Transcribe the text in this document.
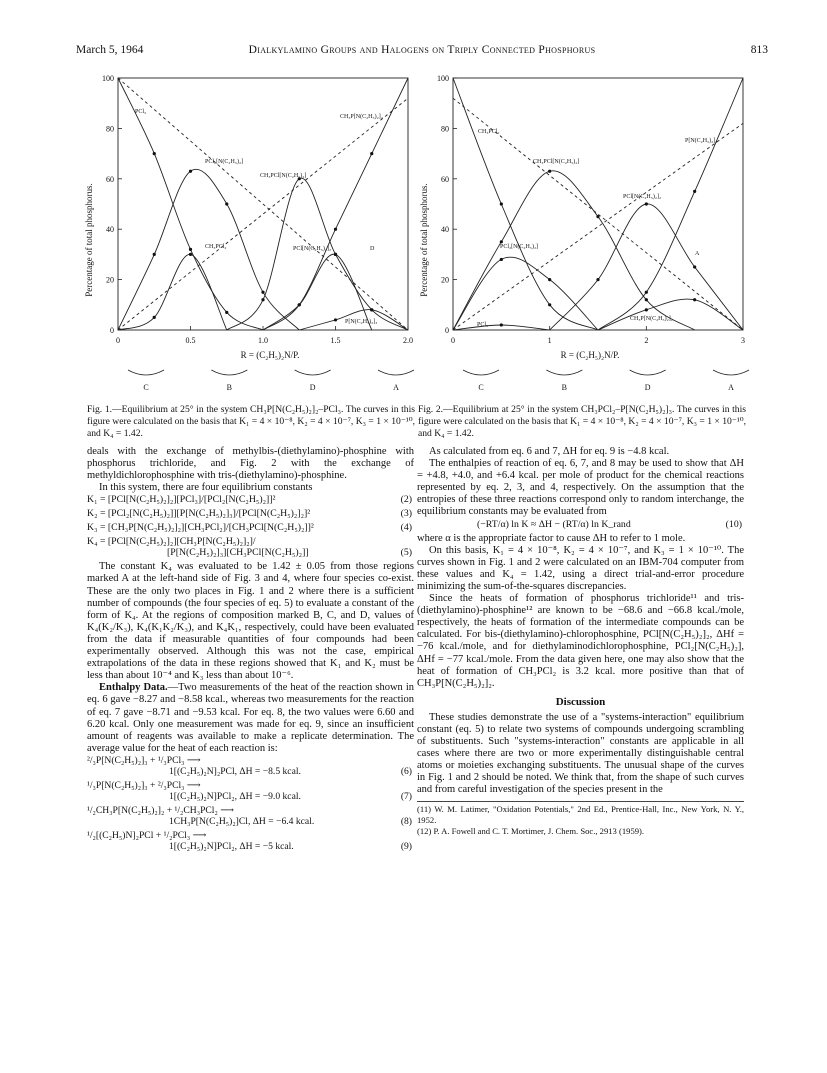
March 5, 1964	Dialkylamino Groups and Halogens on Triply Connected Phosphorus	813
0	0.5	1.0	1.5	2.0
0
20
40
60
80
100
C	B	D	A
Percentage of total phosphorus.
R = (C₂H₅)₂N/P.
PCl₃
CH₃P[N(C₂H₅)₂]₂
PCl₂[N(C₂H₅)₂]
CH₃PCl[N(C₂H₅)₂]
CH₃PCl₂	PCl[N(C₂H₅)₂]₂
P[N(C₂H₅)₂]₃
D
0	1	2	3
0
20
40
60
80
100
C	B	D	A
Percentage of total phosphorus.
R = (C₂H₅)₂N/P.
CH₃PCl₂
P[N(C₂H₅)₂]₃
CH₃PCl[N(C₂H₅)₂]
PCl[N(C₂H₅)₂]₂
PCl₂[N(C₂H₅)₂]
PCl₃
CH₃P[N(C₂H₅)₂]₂
A
Fig. 1.—Equilibrium at 25° in the system CH₃P[N(C₂H₅)₂]₂–PCl₃. The curves in this figure were calculated on the basis that K₁ = 4 × 10⁻⁸, K₂ = 4 × 10⁻⁷, K₃ = 1 × 10⁻¹⁰, and K₄ = 1.42.
Fig. 2.—Equilibrium at 25° in the system CH₃PCl₂–P[N(C₂H₅)₂]₃. The curves in this figure were calculated on the basis that K₁ = 4 × 10⁻⁸, K₂ = 4 × 10⁻⁷, K₃ = 1 × 10⁻¹⁰, and K₄ = 1.42.

deals with the exchange of methylbis-(diethylamino)-phosphine with phosphorus trichloride, and Fig. 2 with the exchange of methyldichlorophosphine with tris-(diethylamino)-phosphine.

In this system, there are four equilibrium constants

K₁ = [PCl[N(C₂H₅)₂]₂][PCl₃]/[PCl₂[N(C₂H₅)₂]]²	(2)
K₂ = [PCl₂[N(C₂H₅)₂]][P[N(C₂H₅)₂]₃]/[PCl[N(C₂H₅)₂]₂]²	(3)
K₃ = [CH₃P[N(C₂H₅)₂]₂][CH₃PCl₂]/[CH₃PCl[N(C₂H₅)₂]]²	(4)
K₄ = [PCl[N(C₂H₅)₂]₂][CH₃P[N(C₂H₅)₂]₂]/
[P[N(C₂H₅)₂]₃][CH₃PCl[N(C₂H₅)₂]]	(5)

The constant K₄ was evaluated to be 1.42 ± 0.05 from those regions marked A at the left-hand side of Fig. 3 and 4, where four species co-exist. These are the only two places in Fig. 1 and 2 where there is a sufficient number of compounds (the four species of eq. 5) to evaluate a constant of the form of K₄. At the regions of composition marked B, C, and D, values of K₄(K₂/K₃), K₄(K₁K₂/K₃), and K₄K₁, respectively, could have been evaluated from the data if measurable quantities of four compounds had been experimentally observed. Although this was not the case, empirical extrapolations of the data in these regions showed that K₁ and K₂ must be less than about 10⁻⁴ and K₃ less than about 10⁻⁶.

Enthalpy Data.—Two measurements of the heat of the reaction shown in eq. 6 gave −8.27 and −8.58 kcal., whereas two measurements for the reaction of eq. 7 gave −8.71 and −9.53 kcal. For eq. 8, the two values were 6.60 and 6.20 kcal. Only one measurement was made for eq. 9, since an insufficient amount of reagents was available to make a replicate determination. The average value for the heat of each reaction is:

²/₃P[N(C₂H₅)₂]₃ + ¹/₃PCl₃ ⟶
1[(C₂H₅)₂N]₂PCl, ΔH = −8.5 kcal.	(6)
¹/₃P[N(C₂H₅)₂]₃ + ²/₃PCl₃ ⟶
1[(C₂H₅)₂N]PCl₂, ΔH = −9.0 kcal.	(7)
¹/₂CH₃P[N(C₂H₅)₂]₂ + ¹/₂CH₃PCl₂ ⟶
1CH₃P[N(C₂H₅)₂]Cl, ΔH = −6.4 kcal.	(8)
¹/₂[(C₂H₅)N]₂PCl + ¹/₂PCl₃ ⟶
1[(C₂H₅)₂N]PCl₂, ΔH = −5 kcal.	(9)

As calculated from eq. 6 and 7, ΔH for eq. 9 is −4.8 kcal.

The enthalpies of reaction of eq. 6, 7, and 8 may be used to show that ΔH = +4.8, +4.0, and +6.4 kcal. per mole of product for the chemical reactions represented by eq. 2, 3, and 4, respectively. On the assumption that the entropies of these three reactions correspond only to random interchange, the equilibrium constants may be evaluated from

(−RT/α) ln K ≈ ΔH − (RT/α) ln K_rand	(10)

where α is the appropriate factor to cause ΔH to refer to 1 mole.

On this basis, K₁ = 4 × 10⁻⁸, K₂ = 4 × 10⁻⁷, and K₃ = 1 × 10⁻¹⁰. The curves shown in Fig. 1 and 2 were calculated on an IBM-704 computer from these values and K₄ = 1.42, using a direct trial-and-error procedure minimizing the sum-of-the-squares discrepancies.

Since the heats of formation of phosphorus trichloride¹¹ and tris-(diethylamino)-phosphine¹² are known to be −68.6 and −66.8 kcal./mole, respectively, the heats of formation of the intermediate compounds can be calculated. For bis-(diethylamino)-chlorophosphine, PCl[N(C₂H₅)₂]₂, ΔHf = −76 kcal./mole, and for diethylaminodichlorophosphine, PCl₂[N(C₂H₅)₂], ΔHf = −77 kcal./mole. From the data given here, one may also show that the heat of formation of CH₃PCl₂ is 3.2 kcal. more positive than that of CH₃P[N(C₂H₅)₂]₂.

Discussion

These studies demonstrate the use of a "systems-interaction" equilibrium constant (eq. 5) to relate two systems of compounds undergoing scrambling of substituents. Such "systems-interaction" constants are applicable in all cases where there are two or more experimentally distinguishable central atoms or moieties exchanging substituents. The unusual shape of the curves in Fig. 1 and 2 should be noted. We think that, from the shape of such curves and from careful investigation of the species present in the

(11) W. M. Latimer, "Oxidation Potentials," 2nd Ed., Prentice-Hall, Inc., New York, N. Y., 1952.

(12) P. A. Fowell and C. T. Mortimer, J. Chem. Soc., 2913 (1959).
